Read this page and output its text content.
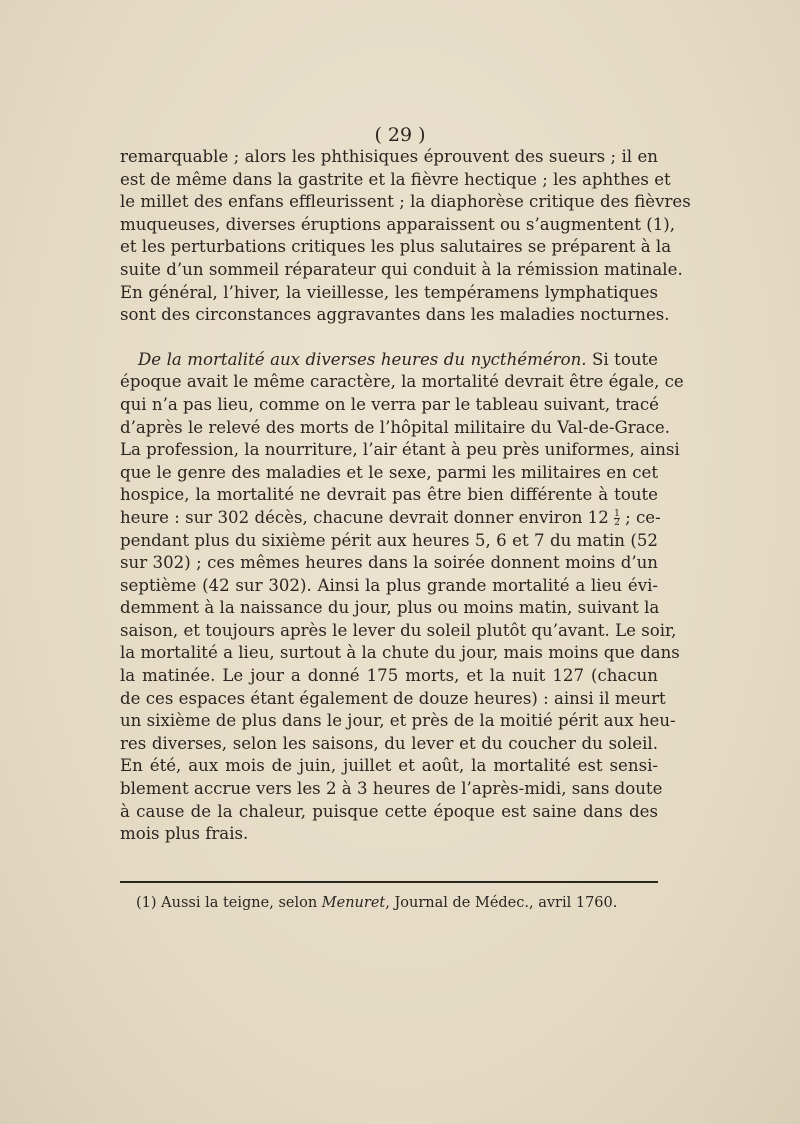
( 29 )
remarquable ; alors les phthisiques éprouvent des sueurs ; il en
est de même dans la gastrite et la fièvre hectique ; les aphthes et
le millet des enfans effleurissent ; la diaphorèse critique des fièvres
muqueuses, diverses éruptions apparaissent ou s’augmentent (1),
et les perturbations critiques les plus salutaires se préparent à la
suite d’un sommeil réparateur qui conduit à la rémission matinale.
En général, l’hiver, la vieillesse, les tempéramens lymphatiques
sont des circonstances aggravantes dans les maladies nocturnes.
De la mortalité aux diverses heures du nycthéméron. Si toute
époque avait le même caractère, la mortalité devrait être égale, ce
qui n’a pas lieu, comme on le verra par le tableau suivant, tracé
d’après le relevé des morts de l’hôpital militaire du Val-de-Grace.
La profession, la nourriture, l’air étant à peu près uniformes, ainsi
que le genre des maladies et le sexe, parmi les militaires en cet
hospice, la mortalité ne devrait pas être bien différente à toute
heure : sur 302 décès, chacune devrait donner environ $12 \frac{1}{2}$ ; ce-
pendant plus du sixième périt aux heures 5, 6 et 7 du matin (52
sur 302) ; ces mêmes heures dans la soirée donnent moins d’un
septième (42 sur 302). Ainsi la plus grande mortalité a lieu évi-
demment à la naissance du jour, plus ou moins matin, suivant la
saison, et toujours après le lever du soleil plutôt qu’avant. Le soir,
la mortalité a lieu, surtout à la chute du jour, mais moins que dans
la matinée. Le jour a donné 175 morts, et la nuit 127 (chacun
de ces espaces étant également de douze heures) : ainsi il meurt
un sixième de plus dans le jour, et près de la moitié périt aux heu-
res diverses, selon les saisons, du lever et du coucher du soleil.
En été, aux mois de juin, juillet et août, la mortalité est sensi-
blement accrue vers les 2 à 3 heures de l’après-midi, sans doute
à cause de la chaleur, puisque cette époque est saine dans des
mois plus frais.
(1) Aussi la teigne, selon Menuret, Journal de Médec., avril 1760.
